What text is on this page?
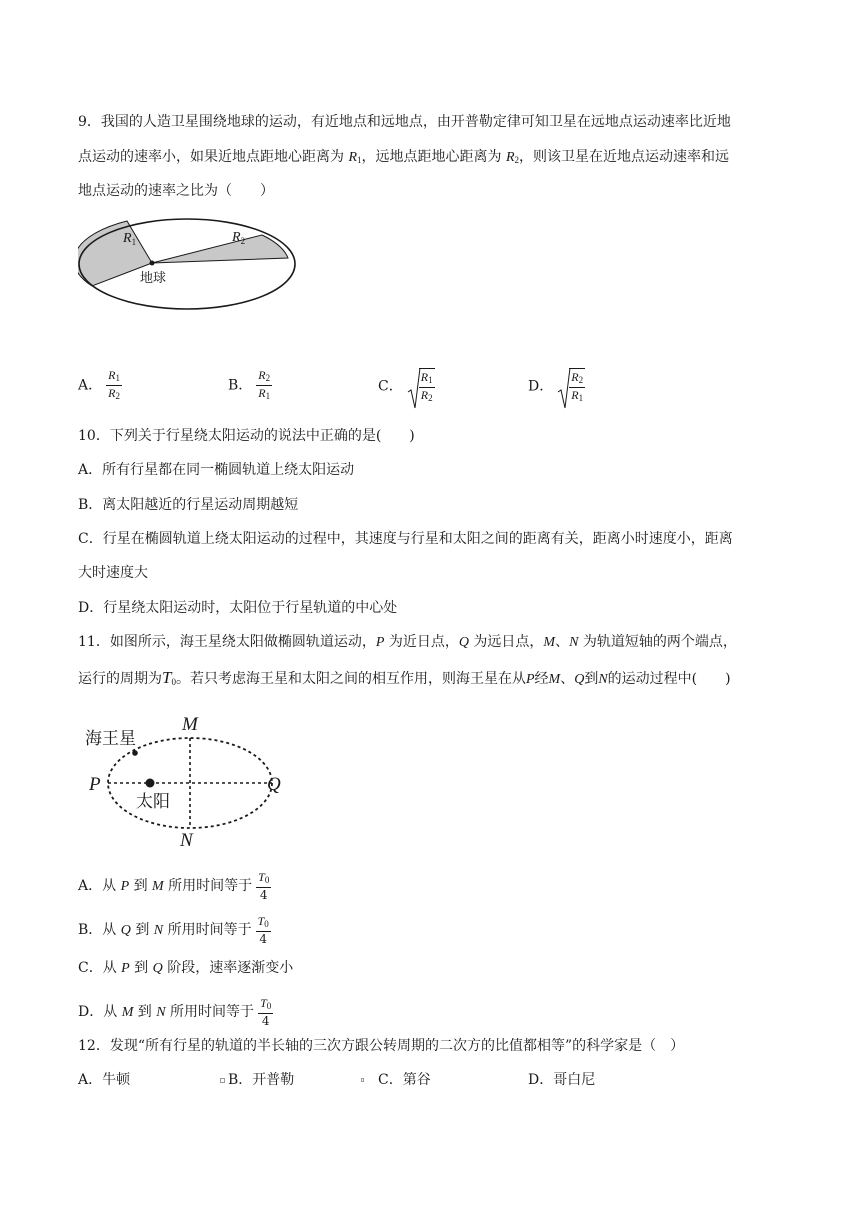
9．我国的人造卫星围绕地球的运动，有近地点和远地点，由开普勒定律可知卫星在远地点运动速率比近地
点运动的速率小，如果近地点距地心距离为 $R_1$，远地点距地心距离为 $R_2$，则该卫星在近地点运动速率和远
地点运动的速率之比为（　　）
$R_1$	$R_2$
地球
A． $\frac{R_1}{R_2}$	B． $\frac{R_2}{R_1}$	C． $\frac{R_1}{R_2}$	D． $\frac{R_2}{R_1}$
10．下列关于行星绕太阳运动的说法中正确的是(　　)
A．所有行星都在同一椭圆轨道上绕太阳运动
B．离太阳越近的行星运动周期越短
C．行星在椭圆轨道上绕太阳运动的过程中，其速度与行星和太阳之间的距离有关，距离小时速度小，距离
大时速度大
D．行星绕太阳运动时，太阳位于行星轨道的中心处
11．如图所示，海王星绕太阳做椭圆轨道运动，P 为近日点，Q 为远日点，M、N 为轨道短轴的两个端点，
运行的周期为$T_0$。若只考虑海王星和太阳之间的相互作用，则海王星在从P经M、Q到N的运动过程中(　　)
海王星
太阳
M
N
P	Q
A．从 P 到 M 所用时间等于 $\frac{T_0}{4}$
B．从 Q 到 N 所用时间等于 $\frac{T_0}{4}$
C．从 P 到 Q 阶段，速率逐渐变小
D．从 M 到 N 所用时间等于 $\frac{T_0}{4}$
12．发现“所有行星的轨道的半长轴的三次方跟公转周期的二次方的比值都相等”的科学家是（　）
A．牛顿	B．开普勒	C．第谷	D．哥白尼
